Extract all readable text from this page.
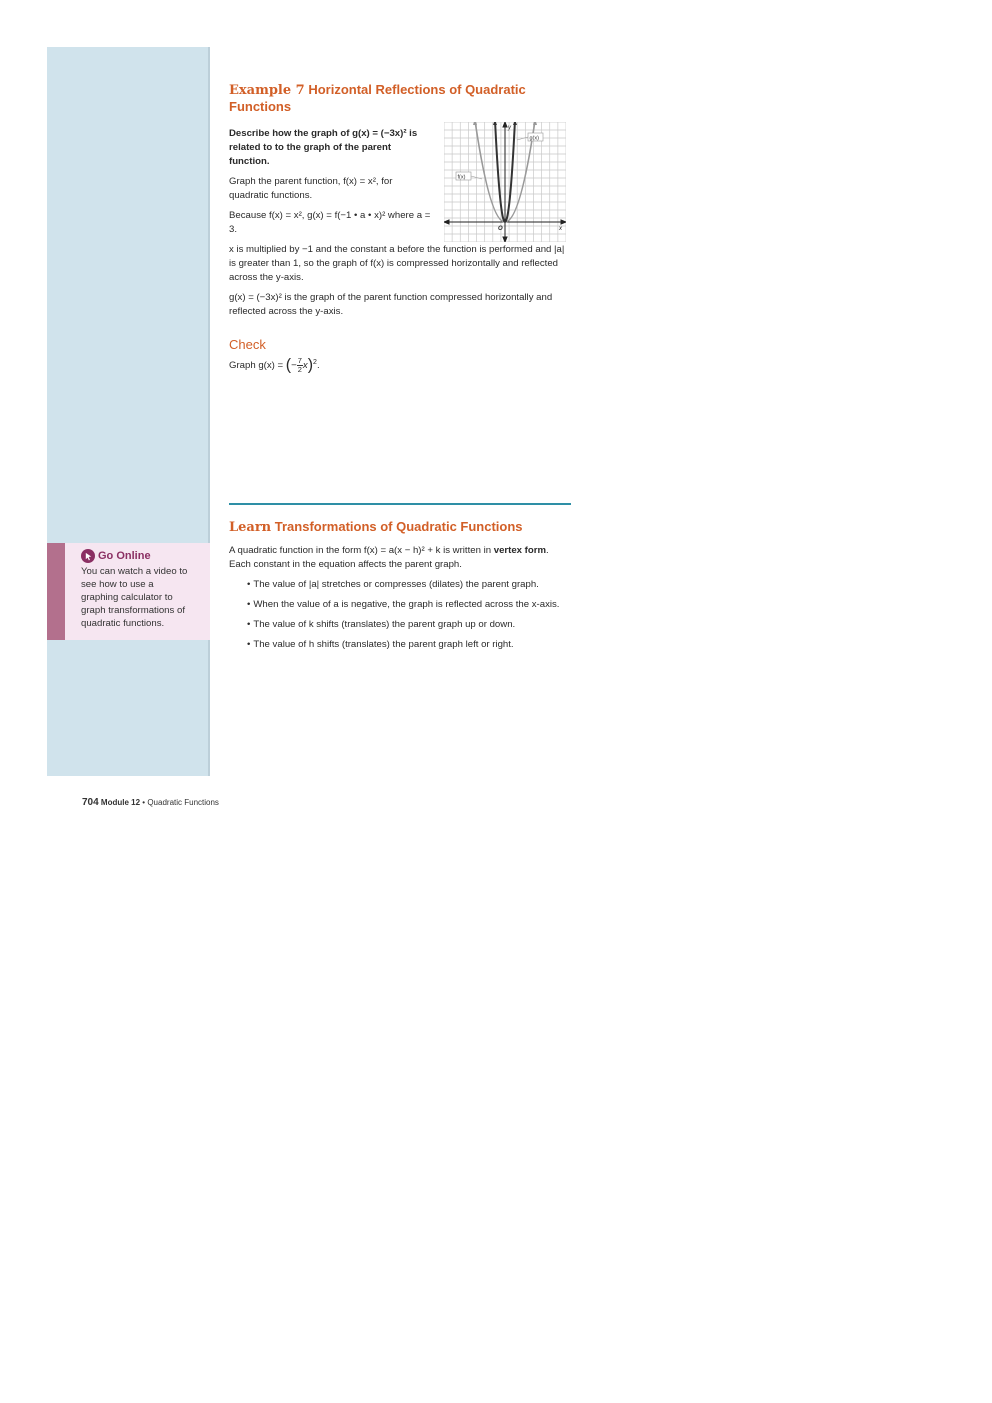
Go Online
You can watch a video to see how to use a graphing calculator to graph transformations of quadratic functions.
Example 7 Horizontal Reflections of Quadratic Functions
Describe how the graph of g(x) = (−3x)² is related to to the graph of the parent function.
Graph the parent function, f(x) = x², for quadratic functions.
Because f(x) = x², g(x) = f(−1 • a • x)² where a = 3.
x is multiplied by −1 and the constant a before the function is performed and |a| is greater than 1, so the graph of f(x) is compressed horizontally and reflected across the y-axis.
g(x) = (−3x)² is the graph of the parent function compressed horizontally and reflected across the y-axis.
Check
Graph g(x) = (− $\frac{7}{2} x)^2$.
y
x
O
g(x)
f(x)
Learn Transformations of Quadratic Functions
A quadratic function in the form f(x) = a(x − h)² + k is written in vertex form. Each constant in the equation affects the parent graph.
• The value of |a| stretches or compresses (dilates) the parent graph.
• When the value of a is negative, the graph is reflected across the x-axis.
• The value of k shifts (translates) the parent graph up or down.
• The value of h shifts (translates) the parent graph left or right.
704 Module 12 • Quadratic Functions
